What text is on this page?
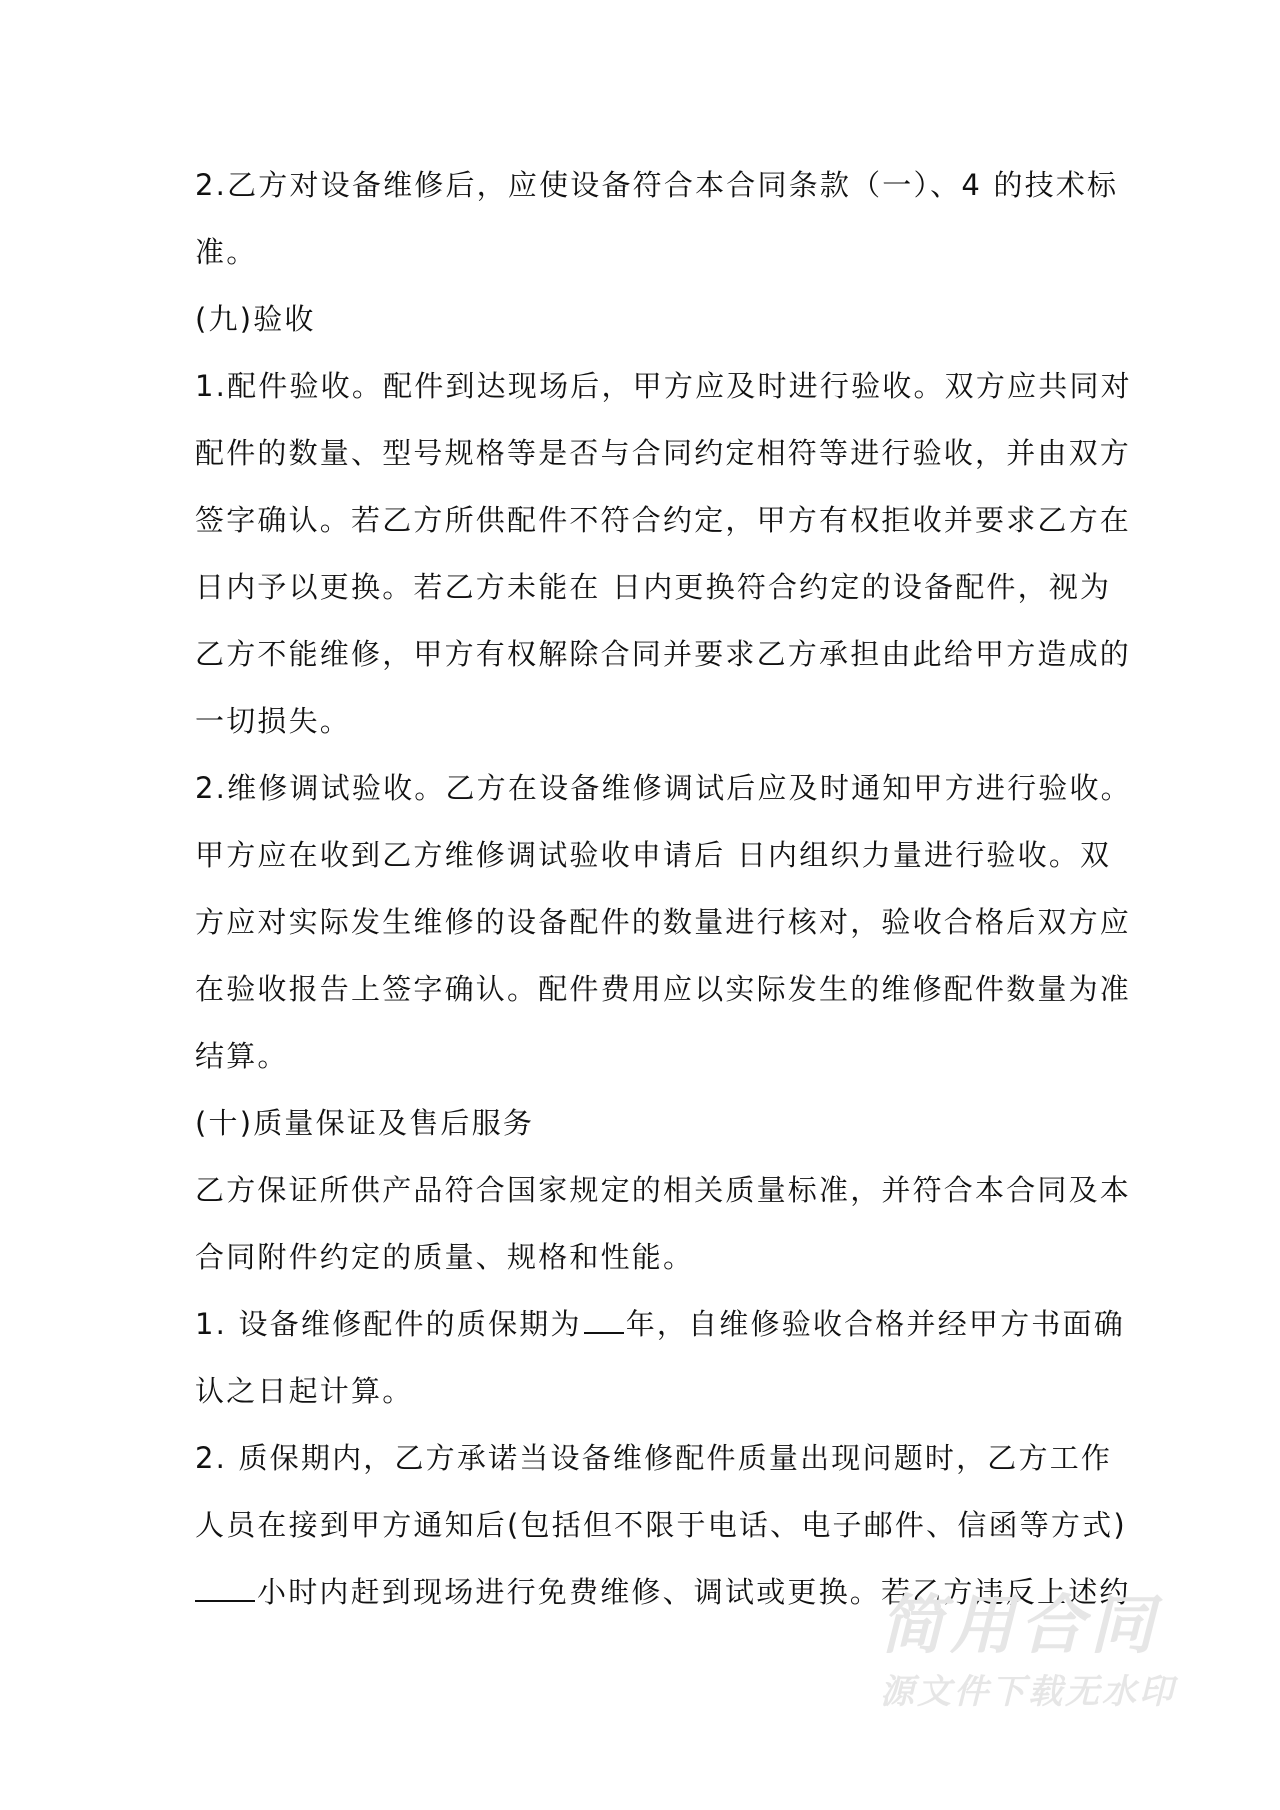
2.乙方对设备维修后，应使设备符合本合同条款（一）、4 的技术标
准。
(九)验收
1.配件验收。配件到达现场后，甲方应及时进行验收。双方应共同对
配件的数量、型号规格等是否与合同约定相符等进行验收，并由双方
签字确认。若乙方所供配件不符合约定，甲方有权拒收并要求乙方在
日内予以更换。若乙方未能在 日内更换符合约定的设备配件，视为
乙方不能维修，甲方有权解除合同并要求乙方承担由此给甲方造成的
一切损失。
2.维修调试验收。乙方在设备维修调试后应及时通知甲方进行验收。
甲方应在收到乙方维修调试验收申请后 日内组织力量进行验收。双
方应对实际发生维修的设备配件的数量进行核对，验收合格后双方应
在验收报告上签字确认。配件费用应以实际发生的维修配件数量为准
结算。
(十)质量保证及售后服务
乙方保证所供产品符合国家规定的相关质量标准，并符合本合同及本
合同附件约定的质量、规格和性能。
1. 设备维修配件的质保期为 年，自维修验收合格并经甲方书面确
认之日起计算。
2. 质保期内，乙方承诺当设备维修配件质量出现问题时，乙方工作
人员在接到甲方通知后(包括但不限于电话、电子邮件、信函等方式)
小时内赶到现场进行免费维修、调试或更换。若乙方违反上述约
简用合同
源文件下载无水印
